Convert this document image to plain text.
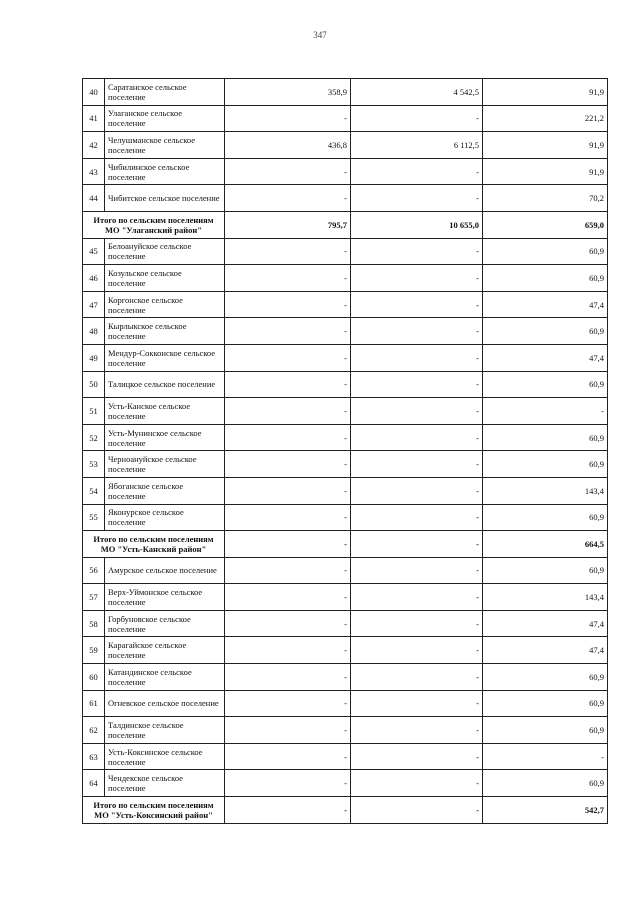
347
40	Саратанское сельское поселение	358,9	4 542,5	91,9
41	Улаганское сельское поселение	-	-	221,2
42	Челушманское сельское поселение	436,8	6 112,5	91,9
43	Чибилинское сельское поселение	-	-	91,9
44	Чибитское сельское поселение	-	-	70,2
Итого по сельским поселениям МО "Улаганский район"		795,7	10 655,0	659,0
45	Белоануйское сельское поселение	-	-	60,9
46	Козульское сельское поселение	-	-	60,9
47	Коргонское сельское поселение	-	-	47,4
48	Кырлыкское сельское поселение	-	-	60,9
49	Мендур-Сокконское сельское поселение	-	-	47,4
50	Талицкое сельское поселение	-	-	60,9
51	Усть-Канское сельское поселение	-	-	-
52	Усть-Мунинское сельское поселение	-	-	60,9
53	Черноануйское сельское поселение	-	-	60,9
54	Ябоганское сельское поселение	-	-	143,4
55	Яконурское сельское поселение	-	-	60,9
Итого по сельским поселениям МО "Усть-Канский район"		-	-	664,5
56	Амурское сельское поселение	-	-	60,9
57	Верх-Уймонское сельское поселение	-	-	143,4
58	Горбуновское сельское поселение	-	-	47,4
59	Карагайское сельское поселение	-	-	47,4
60	Катандинское сельское поселение	-	-	60,9
61	Огневское сельское поселение	-	-	60,9
62	Талдинское сельское поселение	-	-	60,9
63	Усть-Коксинское сельское поселение	-	-	-
64	Чендекское сельское поселение	-	-	60,9
Итого по сельским поселениям МО "Усть-Коксинский район"		-	-	542,7
